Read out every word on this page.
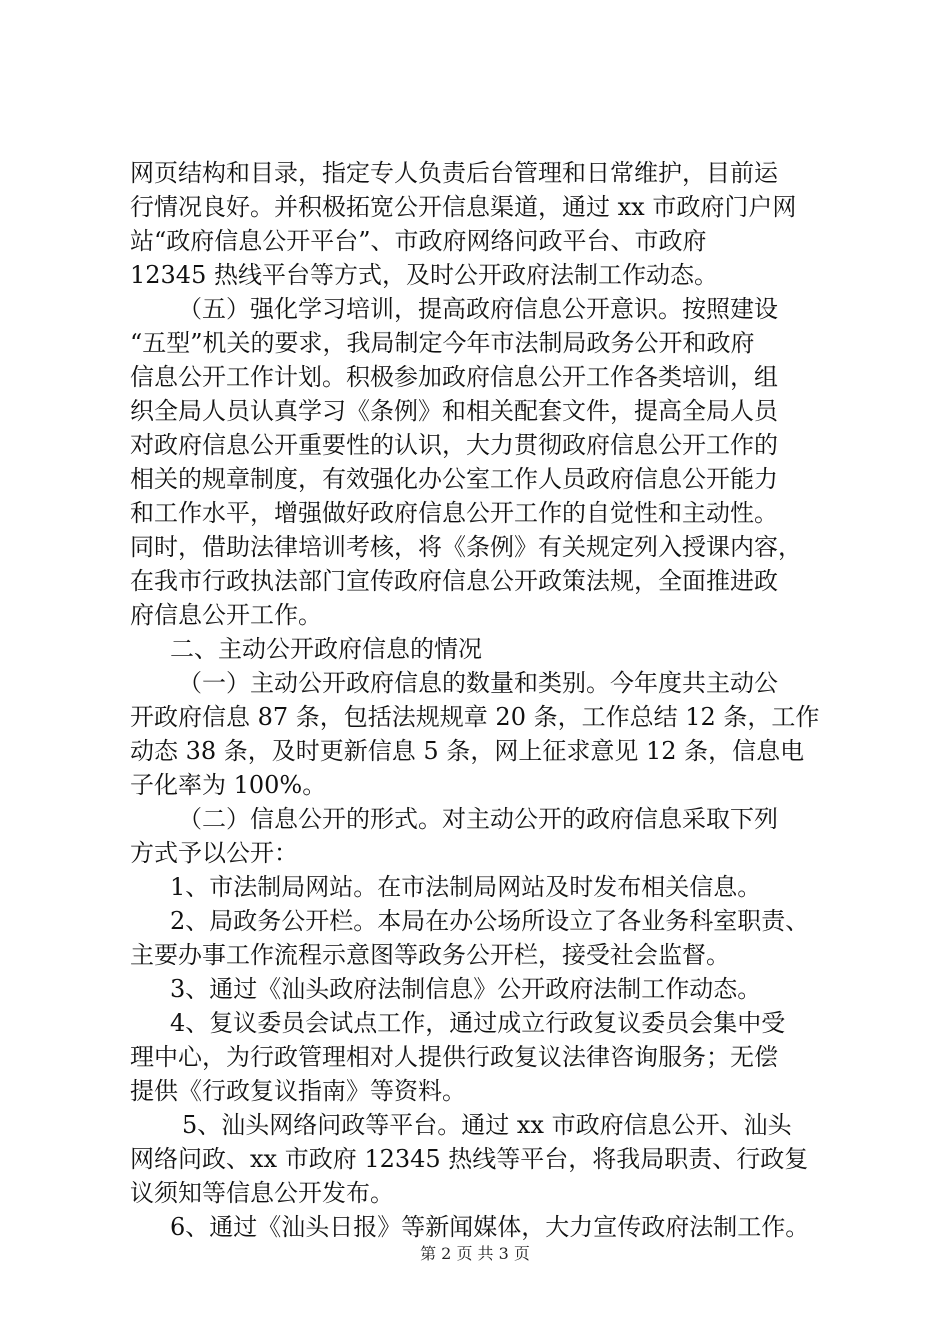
网页结构和目录，指定专人负责后台管理和日常维护，目前运
行情况良好。并积极拓宽公开信息渠道，通过 xx 市政府门户网
站“政府信息公开平台”、市政府网络问政平台、市政府
12345 热线平台等方式，及时公开政府法制工作动态。
（五）强化学习培训，提高政府信息公开意识。按照建设
“五型”机关的要求，我局制定今年市法制局政务公开和政府
信息公开工作计划。积极参加政府信息公开工作各类培训，组
织全局人员认真学习《条例》和相关配套文件，提高全局人员
对政府信息公开重要性的认识，大力贯彻政府信息公开工作的
相关的规章制度，有效强化办公室工作人员政府信息公开能力
和工作水平，增强做好政府信息公开工作的自觉性和主动性。
同时，借助法律培训考核，将《条例》有关规定列入授课内容，
在我市行政执法部门宣传政府信息公开政策法规，全面推进政
府信息公开工作。
二、主动公开政府信息的情况
（一）主动公开政府信息的数量和类别。今年度共主动公
开政府信息 87 条，包括法规规章 20 条，工作总结 12 条，工作
动态 38 条，及时更新信息 5 条，网上征求意见 12 条，信息电
子化率为 100%。
（二）信息公开的形式。对主动公开的政府信息采取下列
方式予以公开：
1、市法制局网站。在市法制局网站及时发布相关信息。
2、局政务公开栏。本局在办公场所设立了各业务科室职责、
主要办事工作流程示意图等政务公开栏，接受社会监督。
3、通过《汕头政府法制信息》公开政府法制工作动态。
4、复议委员会试点工作，通过成立行政复议委员会集中受
理中心，为行政管理相对人提供行政复议法律咨询服务；无偿
提供《行政复议指南》等资料。
5、汕头网络问政等平台。通过 xx 市政府信息公开、汕头
网络问政、xx 市政府 12345 热线等平台，将我局职责、行政复
议须知等信息公开发布。
6、通过《汕头日报》等新闻媒体，大力宣传政府法制工作。
第 2 页 共 3 页
